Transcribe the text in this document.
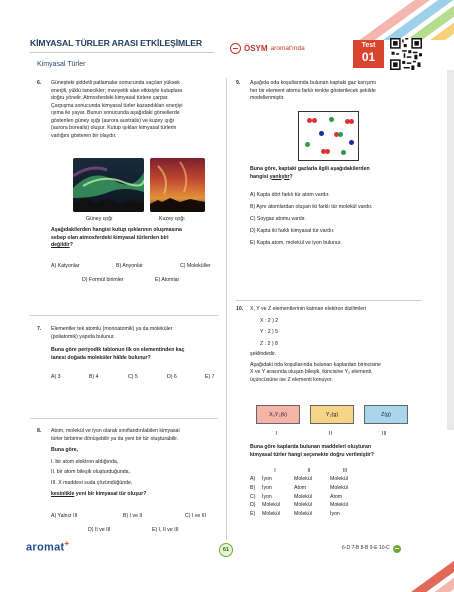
KİMYASAL TÜRLER ARASI ETKİLEŞİMLER
Kimyasal Türler
ÖSYM aromat'ında	Test
01
6. Güneşteki şiddetli patlamalar sonucunda saçılan yüksek
enerjili, yüklü tanecikler; manyetik alan etkisiyle kutuplara
doğru yönelir. Atmosferdeki kimyasal türlere çarpar.
Çarpışma sonucunda kimyasal türler kazandıkları enerjiyi
ışıma ile yayar. Bunun sonucunda aşağıdaki görsellerde
gösterilen güney ışığı (aurora australis) ve kuzey ışığı
(aurora borealis) oluşur. Kutup ışıkları kimyasal türlerin
varlığını gösteren bir olaydır.
Güney ışığı	Kuzey ışığı
Aşağıdakilerden hangisi kutup ışıklarının oluşmasına
sebep olan atmosferdeki kimyasal türlerden biri
değildir?
A) Katyonlar	B) Anyonlar	C) Moleküller
D) Formül birimler	E) Atomlar
7. Elementler tek atomlu (monoatomik) ya da moleküler
(poliatomik) yapıda bulunur.
Buna göre periyodik tablonun ilk on elementinden kaç
tanesi doğada moleküler hâlde bulunur?
A) 3	B) 4	C) 5	D) 6	E) 7
8. Atom, molekül ve iyon olarak sınıflandırılabilen kimyasal
türler birbirine dönüşebilir ya da yeni bir tür oluşturabilir.
Buna göre,
I. bir atom elektron aldığında,
II. bir atom bileşik oluşturduğunda,
III. X maddesi suda çözündüğünde,
kesinlikle yeni bir kimyasal tür oluşur?
A) Yalnız III	B) I ve II	C) I ve III
D) II ve III	E) I, II ve III
9. Aşağıda oda koşullarında bulunan kaptaki gaz karışımı
her bir element atomu farklı renkte gösterilecek şekilde
modellenmiştir.
Buna göre, kaptaki gazlarla ilgili aşağıdakilerden
hangisi yanlıştır?
A) Kapta dört farklı tür atom vardır.
B) Aynı atomlardan oluşan iki farklı tür molekül vardır.
C) Soygaz atomu vardır.
D) Kapta iki farklı kimyasal tür vardır.
E) Kapta atom, molekül ve iyon bulunur.
10. X, Y ve Z elementlerinin katman elektron dizilimleri
X : 2 ) 2
Y : 2 ) 5
Z : 2 ) 8
şeklindedir.
Aşağıdaki oda koşullarında bulunan kaplardan birincisine
X ve Y arasında oluşan bileşik, ikincisine Y₂ elementi,
üçüncüsüne ise Z elementi konuyor.
X₃Y₂(k)	Y₂(g)	Z(g)
I	II	III
Buna göre kaplarda bulunan maddeleri oluşturan
kimyasal türler hangi seçenekte doğru verilmiştir?
	I	II	III
A)	İyon	Molekül	Molekül
B)	İyon	Atom	Molekül
C)	İyon	Molekül	Atom
D)	Molekül	Molekül	Molekül
E)	Molekül	Molekül	İyon
aromat+
61	6-D 7-B 8-B 9-E 10-C
